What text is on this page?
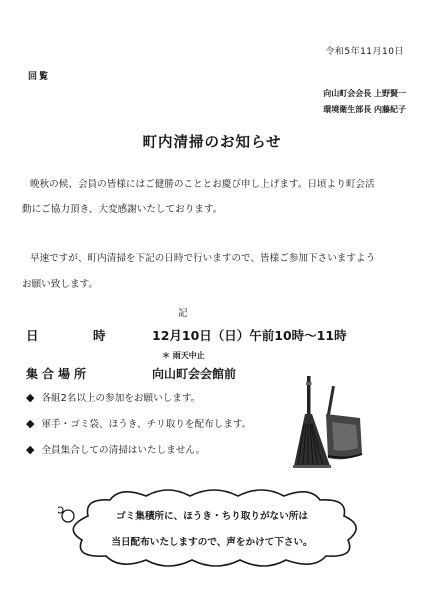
令和5年11月10日
回覧
向山町会会長 上野賢一
環境衛生部長 内藤紀子
町内清掃のお知らせ
晩秋の候、会員の皆様にはご健勝のこととお慶び申し上げます。日頃より町会活
動にご協力頂き、大変感謝いたしております。
早速ですが、町内清掃を下記の日時で行いますので、皆様ご参加下さいますよう
お願い致します。
記
日	時	12月10日（日）午前10時～11時
＊ 雨天中止
集合場所	向山町会会館前
◆ 各組2名以上の参加をお願いします。
◆ 軍手・ゴミ袋、ほうき、チリ取りを配布します。
◆ 全員集合しての清掃はいたしません。
ゴミ集積所に、ほうき・ちり取りがない所は
当日配布いたしますので、声をかけて下さい。
